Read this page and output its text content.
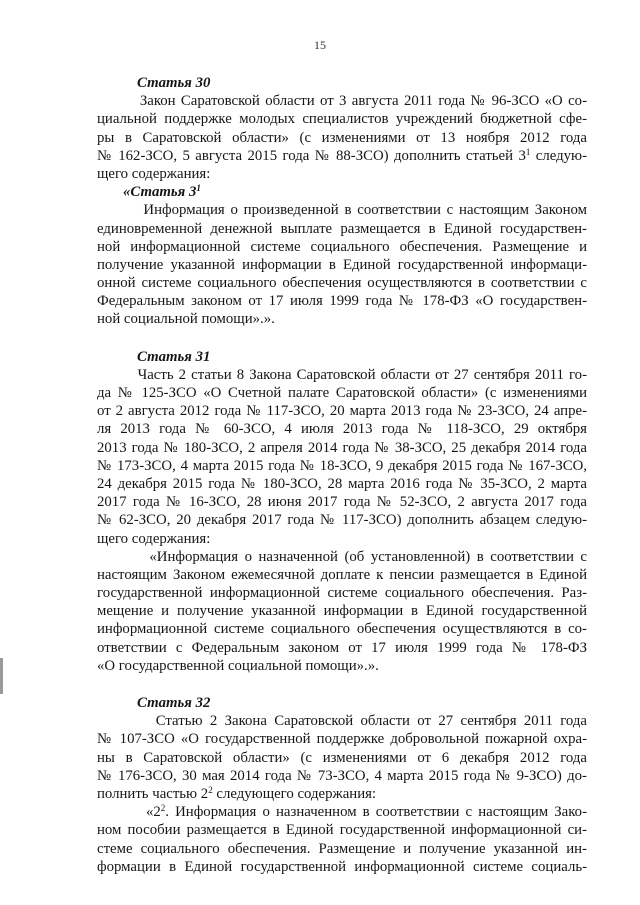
15
Статья 30
Закон Саратовской области от 3 августа 2011 года № 96-ЗСО «О со-
циальной поддержке молодых специалистов учреждений бюджетной сфе-
ры в Саратовской области» (с изменениями от 13 ноября 2012 года
№ 162-ЗСО, 5 августа 2015 года № 88-ЗСО) дополнить статьей $3^1$ следую-
щего содержания:
«Статья $3^1$
Информация о произведенной в соответствии с настоящим Законом
единовременной денежной выплате размещается в Единой государствен-
ной информационной системе социального обеспечения. Размещение и
получение указанной информации в Единой государственной информаци-
онной системе социального обеспечения осуществляются в соответствии с
Федеральным законом от 17 июля 1999 года № 178-ФЗ «О государствен-
ной социальной помощи».».
Статья 31
Часть 2 статьи 8 Закона Саратовской области от 27 сентября 2011 го-
да № 125-ЗСО «О Счетной палате Саратовской области» (с изменениями
от 2 августа 2012 года № 117-ЗСО, 20 марта 2013 года № 23-ЗСО, 24 апре-
ля 2013 года № 60-ЗСО, 4 июля 2013 года № 118-ЗСО, 29 октября
2013 года № 180-ЗСО, 2 апреля 2014 года № 38-ЗСО, 25 декабря 2014 года
№ 173-ЗСО, 4 марта 2015 года № 18-ЗСО, 9 декабря 2015 года № 167-ЗСО,
24 декабря 2015 года № 180-ЗСО, 28 марта 2016 года № 35-ЗСО, 2 марта
2017 года № 16-ЗСО, 28 июня 2017 года № 52-ЗСО, 2 августа 2017 года
№ 62-ЗСО, 20 декабря 2017 года № 117-ЗСО) дополнить абзацем следую-
щего содержания:
«Информация о назначенной (об установленной) в соответствии с
настоящим Законом ежемесячной доплате к пенсии размещается в Единой
государственной информационной системе социального обеспечения. Раз-
мещение и получение указанной информации в Единой государственной
информационной системе социального обеспечения осуществляются в со-
ответствии с Федеральным законом от 17 июля 1999 года № 178-ФЗ
«О государственной социальной помощи».».
Статья 32
Статью 2 Закона Саратовской области от 27 сентября 2011 года
№ 107-ЗСО «О государственной поддержке добровольной пожарной охра-
ны в Саратовской области» (с изменениями от 6 декабря 2012 года
№ 176-ЗСО, 30 мая 2014 года № 73-ЗСО, 4 марта 2015 года № 9-ЗСО) до-
полнить частью $2^2$ следующего содержания:
«$2^2$. Информация о назначенном в соответствии с настоящим Зако-
ном пособии размещается в Единой государственной информационной си-
стеме социального обеспечения. Размещение и получение указанной ин-
формации в Единой государственной информационной системе социаль-
